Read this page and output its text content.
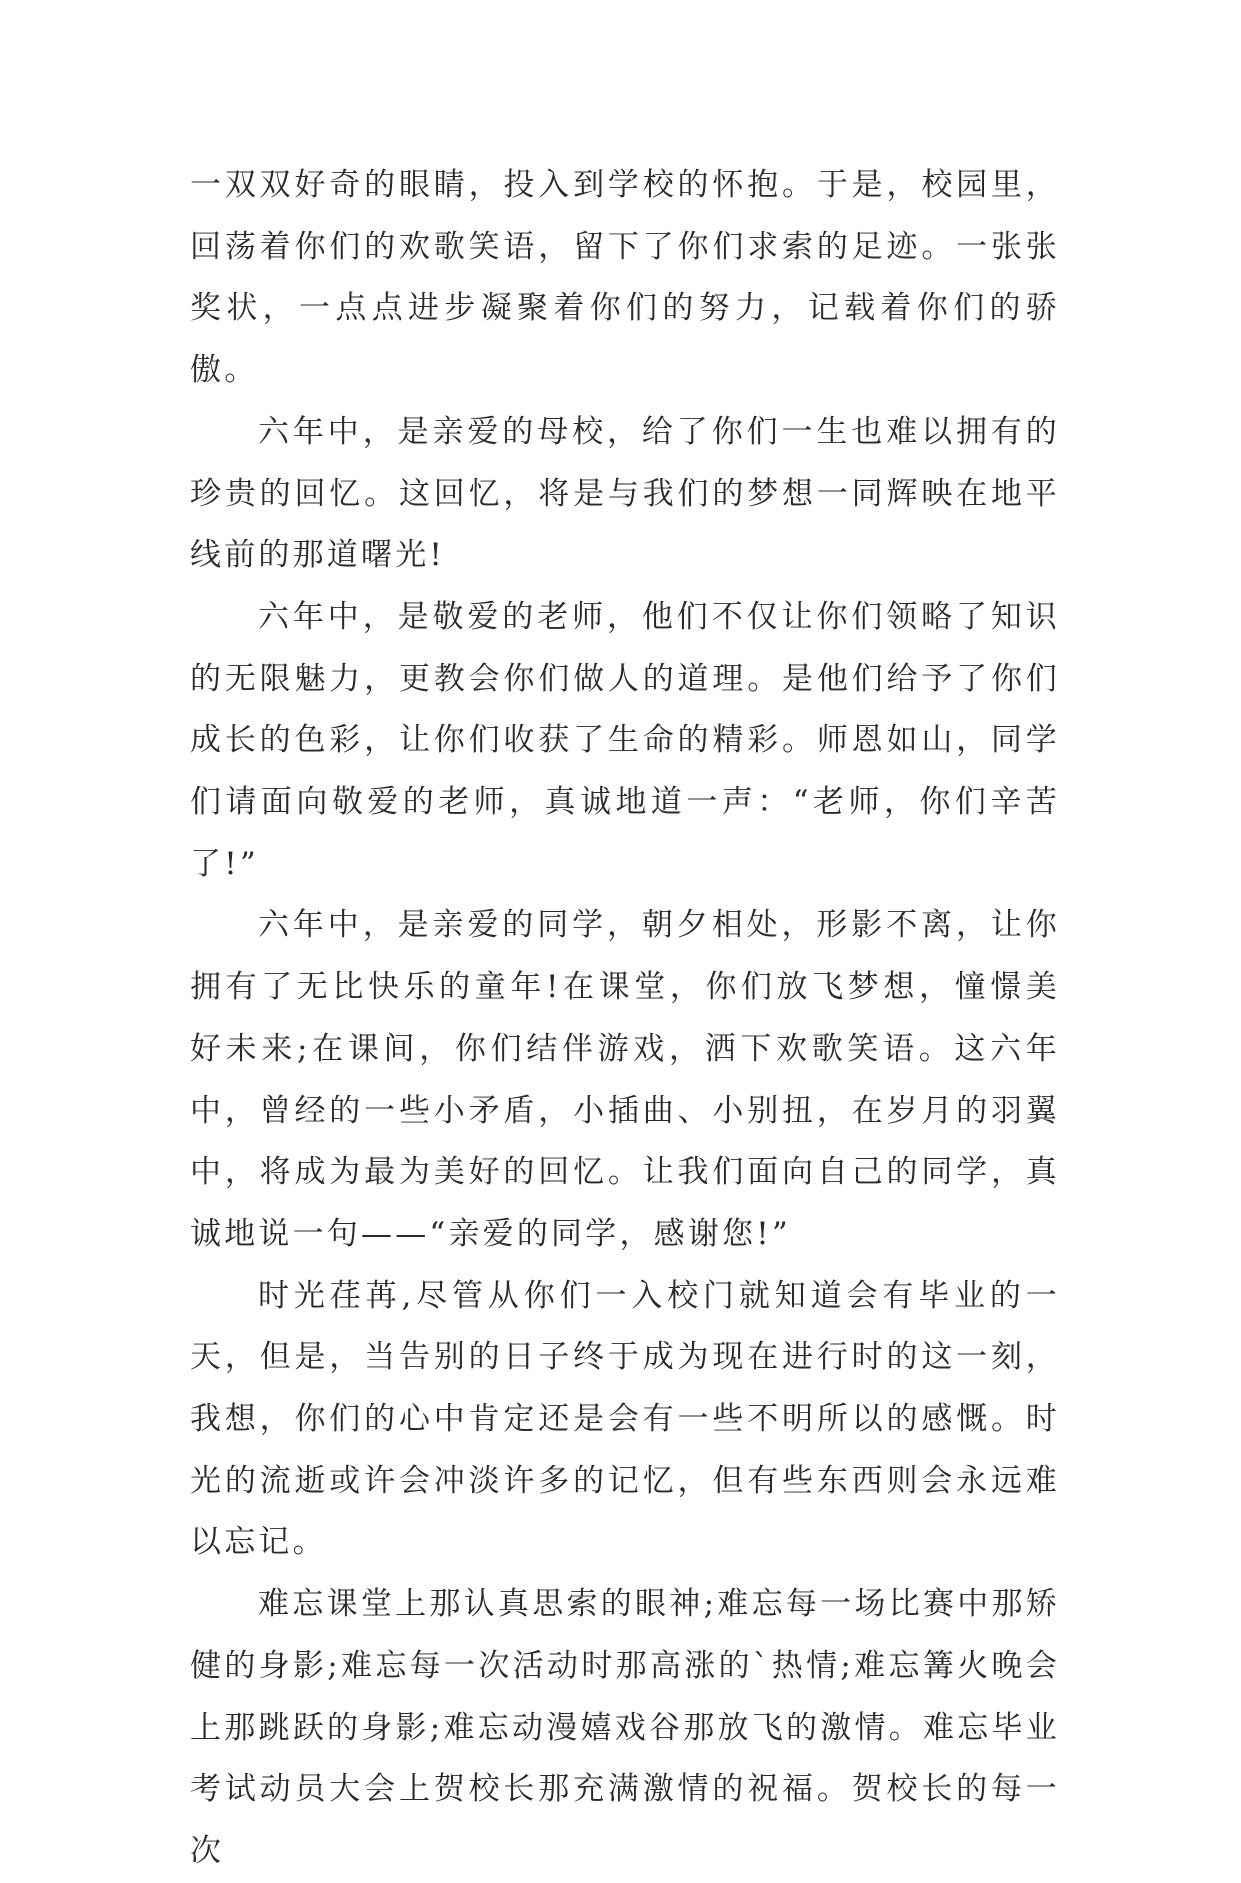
一双双好奇的眼睛，投入到学校的怀抱。于是，校园里，回荡着你们的欢歌笑语，留下了你们求索的足迹。一张张奖状，一点点进步凝聚着你们的努力，记载着你们的骄傲。

六年中，是亲爱的母校，给了你们一生也难以拥有的珍贵的回忆。这回忆，将是与我们的梦想一同辉映在地平线前的那道曙光!

六年中，是敬爱的老师，他们不仅让你们领略了知识的无限魅力，更教会你们做人的道理。是他们给予了你们成长的色彩，让你们收获了生命的精彩。师恩如山，同学们请面向敬爱的老师，真诚地道一声：“老师，你们辛苦了!”

六年中，是亲爱的同学，朝夕相处，形影不离，让你拥有了无比快乐的童年!在课堂，你们放飞梦想，憧憬美好未来;在课间，你们结伴游戏，洒下欢歌笑语。这六年中，曾经的一些小矛盾，小插曲、小别扭，在岁月的羽翼中，将成为最为美好的回忆。让我们面向自己的同学，真诚地说一句——“亲爱的同学，感谢您!”

时光荏苒,尽管从你们一入校门就知道会有毕业的一天，但是，当告别的日子终于成为现在进行时的这一刻，我想，你们的心中肯定还是会有一些不明所以的感慨。时光的流逝或许会冲淡许多的记忆，但有些东西则会永远难以忘记。

难忘课堂上那认真思索的眼神;难忘每一场比赛中那矫健的身影;难忘每一次活动时那高涨的`热情;难忘篝火晚会上那跳跃的身影;难忘动漫嬉戏谷那放飞的激情。难忘毕业考试动员大会上贺校长那充满激情的祝福。贺校长的每一次
